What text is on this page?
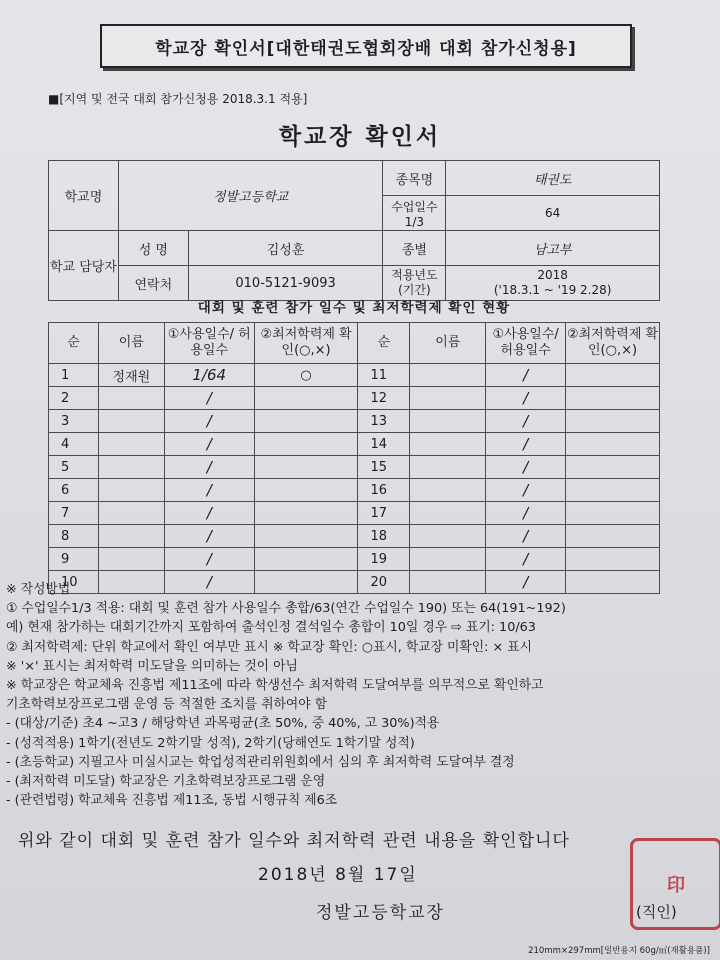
학교장 확인서[대한태권도협회장배 대회 참가신청용]
■[지역 및 전국 대회 참가신청용 2018.3.1 적용]
학교장 확인서
학교명	정발고등학교		종목명	태권도
			수업일수 1/3	64
학교 담당자	성 명	김성훈	종별	남고부
	연락처	010-5121-9093	적용년도 (기간)	2018
('18.3.1 ~ '19 2.28)
대회 및 훈련 참가 일수 및 최저학력제 확인 현황
순	이름	①사용일수/ 허용일수	②최저학력제 확인(○,×)	순	이름	①사용일수/ 허용일수	②최저학력제 확인(○,×)
1	정재원	1/64	○	11		/	
2		/		12		/	
3		/		13		/	
4		/		14		/	
5		/		15		/	
6		/		16		/	
7		/		17		/	
8		/		18		/	
9		/		19		/	
10		/		20		/	
※ 작성방법
① 수업일수1/3 적용: 대회 및 훈련 참가 사용일수 총합/63(연간 수업일수 190) 또는 64(191~192)
예) 현재 참가하는 대회기간까지 포함하여 출석인정 결석일수 총합이 10일 경우 ⇨ 표기: 10/63
② 최저학력제: 단위 학교에서 확인 여부만 표시 ※ 학교장 확인: ○표시, 학교장 미확인: × 표시
※ '×' 표시는 최저학력 미도달을 의미하는 것이 아님
※ 학교장은 학교체육 진흥법 제11조에 따라 학생선수 최저학력 도달여부를 의무적으로 확인하고
기초학력보장프로그램 운영 등 적절한 조치를 취하여야 함
- (대상/기준) 초4 ~고3 / 해당학년 과목평균(초 50%, 중 40%, 고 30%)적용
- (성적적용) 1학기(전년도 2학기말 성적), 2학기(당해연도 1학기말 성적)
- (초등학교) 지필고사 미실시교는 학업성적관리위원회에서 심의 후 최저학력 도달여부 결정
- (최저학력 미도달) 학교장은 기초학력보장프로그램 운영
- (관련법령) 학교체육 진흥법 제11조, 동법 시행규칙 제6조
위와 같이 대회 및 훈련 참가 일수와 최저학력 관련 내용을 확인합니다
2018년 8월 17일	印
정발고등학교장	(직인)
210mm×297mm[일반용지 60g/㎡(재활용품)]
